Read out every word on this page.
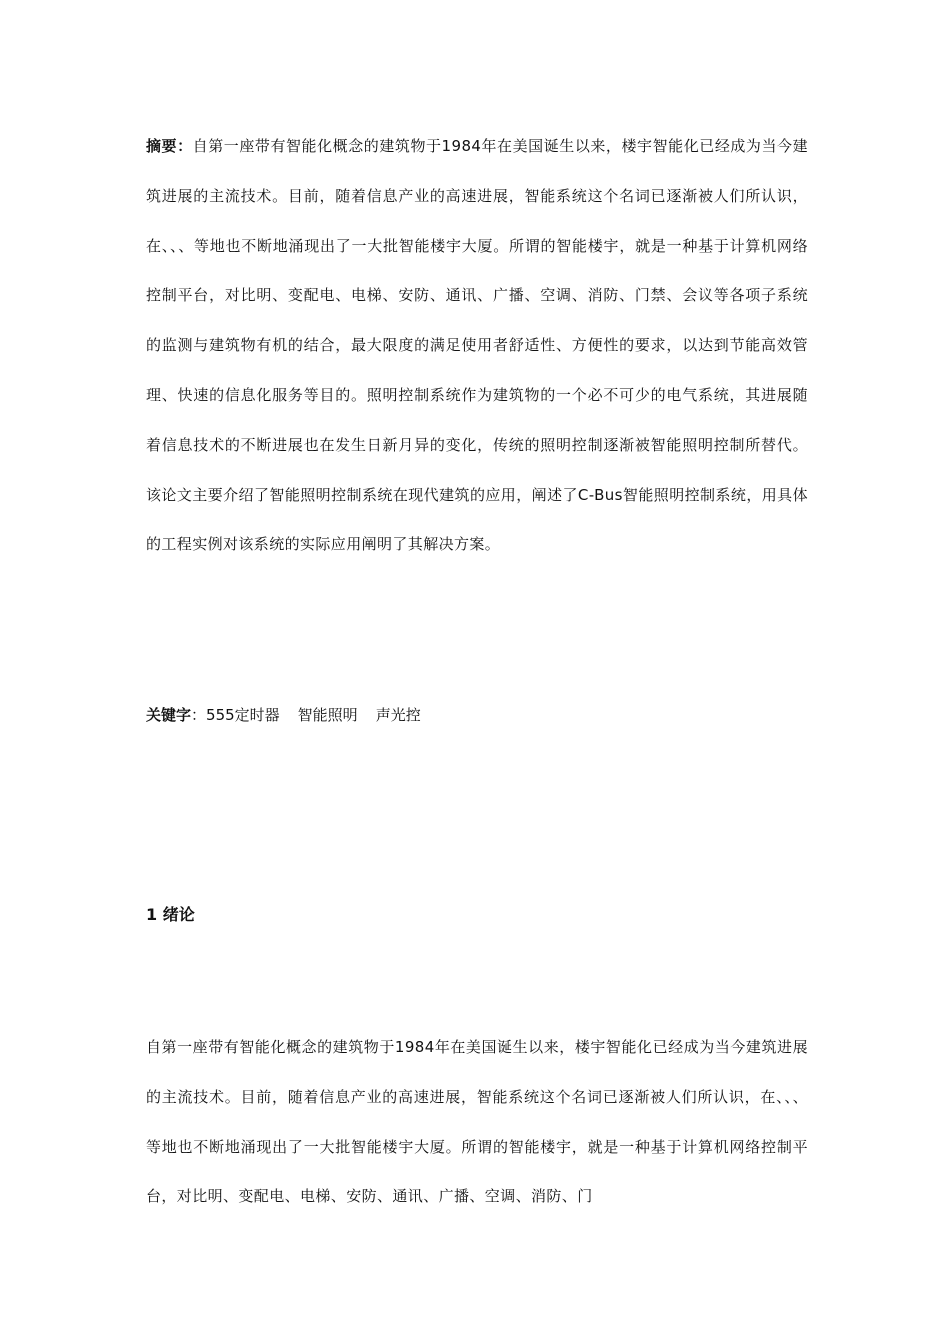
摘要：自第一座带有智能化概念的建筑物于1984年在美国诞生以来，楼宇智能化已经成为当今建筑进展的主流技术。目前，随着信息产业的高速进展，智能系统这个名词已逐渐被人们所认识，在、、、等地也不断地涌现出了一大批智能楼宇大厦。所谓的智能楼宇，就是一种基于计算机网络控制平台，对比明、变配电、电梯、安防、通讯、广播、空调、消防、门禁、会议等各项子系统的监测与建筑物有机的结合，最大限度的满足使用者舒适性、方便性的要求，以达到节能高效管理、快速的信息化服务等目的。照明控制系统作为建筑物的一个必不可少的电气系统，其进展随着信息技术的不断进展也在发生日新月异的变化，传统的照明控制逐渐被智能照明控制所替代。该论文主要介绍了智能照明控制系统在现代建筑的应用，阐述了C-Bus智能照明控制系统，用具体的工程实例对该系统的实际应用阐明了其解决方案。

关键字：555定时器 智能照明 声光控

1 绪论

自第一座带有智能化概念的建筑物于1984年在美国诞生以来，楼宇智能化已经成为当今建筑进展的主流技术。目前，随着信息产业的高速进展，智能系统这个名词已逐渐被人们所认识，在、、、等地也不断地涌现出了一大批智能楼宇大厦。所谓的智能楼宇，就是一种基于计算机网络控制平台，对比明、变配电、电梯、安防、通讯、广播、空调、消防、门
